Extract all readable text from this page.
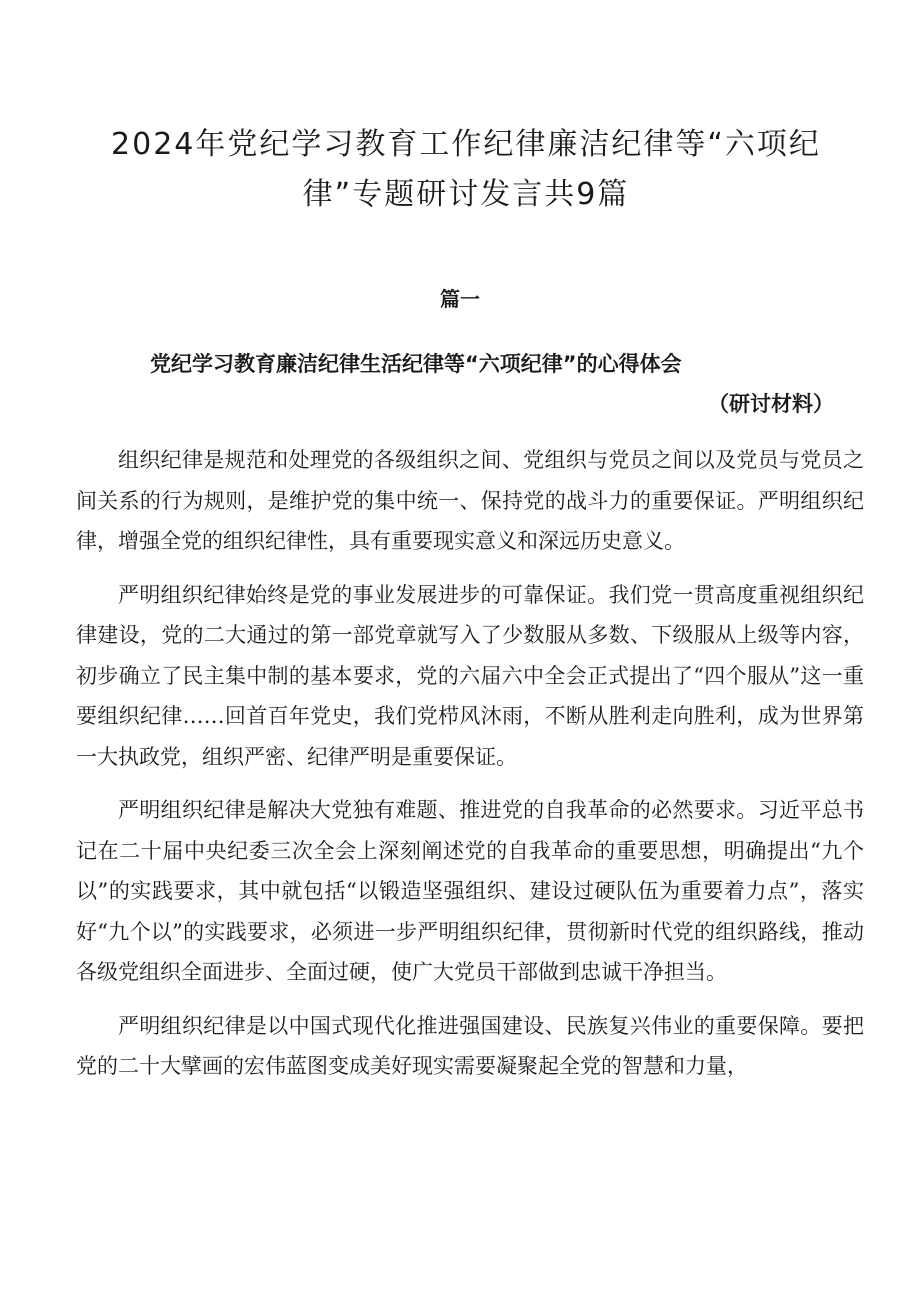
2024年党纪学习教育工作纪律廉洁纪律等“六项纪律”专题研讨发言共9篇
篇一
党纪学习教育廉洁纪律生活纪律等“六项纪律”的心得体会
（研讨材料）

组织纪律是规范和处理党的各级组织之间、党组织与党员之间以及党员与党员之间关系的行为规则，是维护党的集中统一、保持党的战斗力的重要保证。严明组织纪律，增强全党的组织纪律性，具有重要现实意义和深远历史意义。

严明组织纪律始终是党的事业发展进步的可靠保证。我们党一贯高度重视组织纪律建设，党的二大通过的第一部党章就写入了少数服从多数、下级服从上级等内容，初步确立了民主集中制的基本要求，党的六届六中全会正式提出了“四个服从”这一重要组织纪律……回首百年党史，我们党栉风沐雨，不断从胜利走向胜利，成为世界第一大执政党，组织严密、纪律严明是重要保证。

严明组织纪律是解决大党独有难题、推进党的自我革命的必然要求。习近平总书记在二十届中央纪委三次全会上深刻阐述党的自我革命的重要思想，明确提出“九个以”的实践要求，其中就包括“以锻造坚强组织、建设过硬队伍为重要着力点”，落实好“九个以”的实践要求，必须进一步严明组织纪律，贯彻新时代党的组织路线，推动各级党组织全面进步、全面过硬，使广大党员干部做到忠诚干净担当。

严明组织纪律是以中国式现代化推进强国建设、民族复兴伟业的重要保障。要把党的二十大擘画的宏伟蓝图变成美好现实需要凝聚起全党的智慧和力量，
